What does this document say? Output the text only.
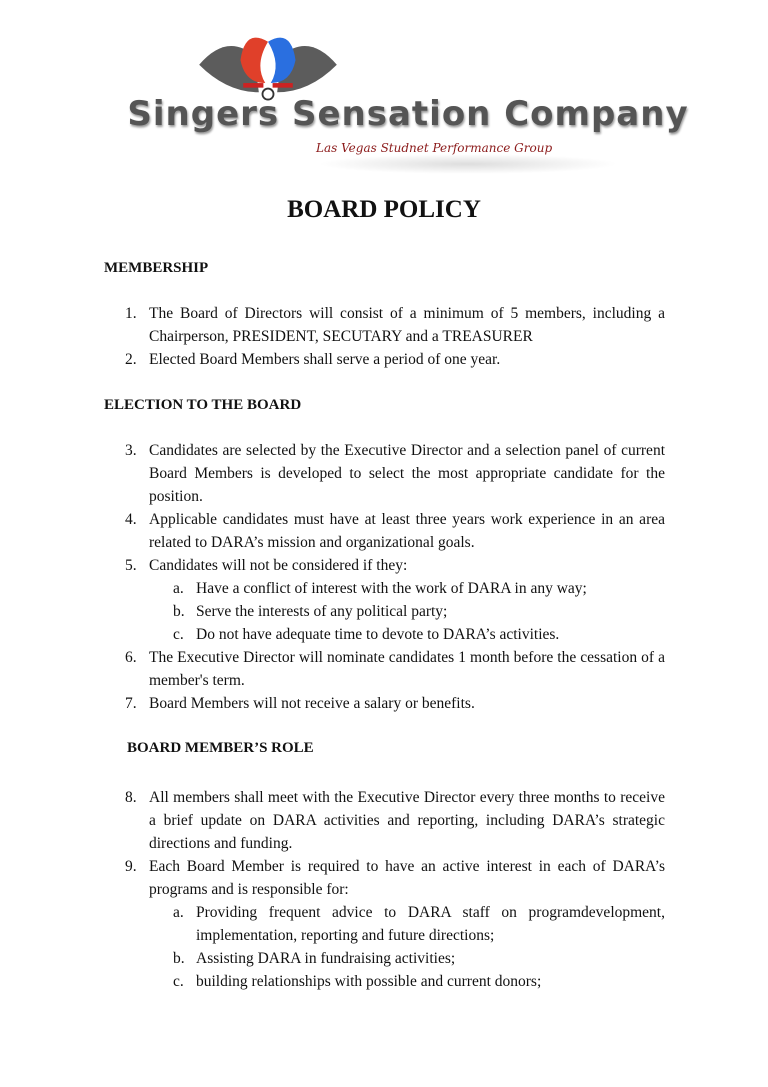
Singers Sensation Company
Las Vegas Studnet Performance Group
BOARD POLICY

MEMBERSHIP

1. The Board of Directors will consist of a minimum of 5 members, including a Chairperson, PRESIDENT, SECUTARY and a TREASURER
2. Elected Board Members shall serve a period of one year.

ELECTION TO THE BOARD

3. Candidates are selected by the Executive Director and a selection panel of current Board Members is developed to select the most appropriate candidate for the position.
4. Applicable candidates must have at least three years work experience in an area related to DARA’s mission and organizational goals.
5. Candidates will not be considered if they:
a. Have a conflict of interest with the work of DARA in any way;
b. Serve the interests of any political party;
c. Do not have adequate time to devote to DARA’s activities.
6. The Executive Director will nominate candidates 1 month before the cessation of a member's term.
7. Board Members will not receive a salary or benefits.

BOARD MEMBER’S ROLE

8. All members shall meet with the Executive Director every three months to receive a brief update on DARA activities and reporting, including DARA’s strategic directions and funding.
9. Each Board Member is required to have an active interest in each of DARA’s programs and is responsible for:
a. Providing frequent advice to DARA staff on programdevelopment, implementation, reporting and future directions;
b. Assisting DARA in fundraising activities;
c. building relationships with possible and current donors;
